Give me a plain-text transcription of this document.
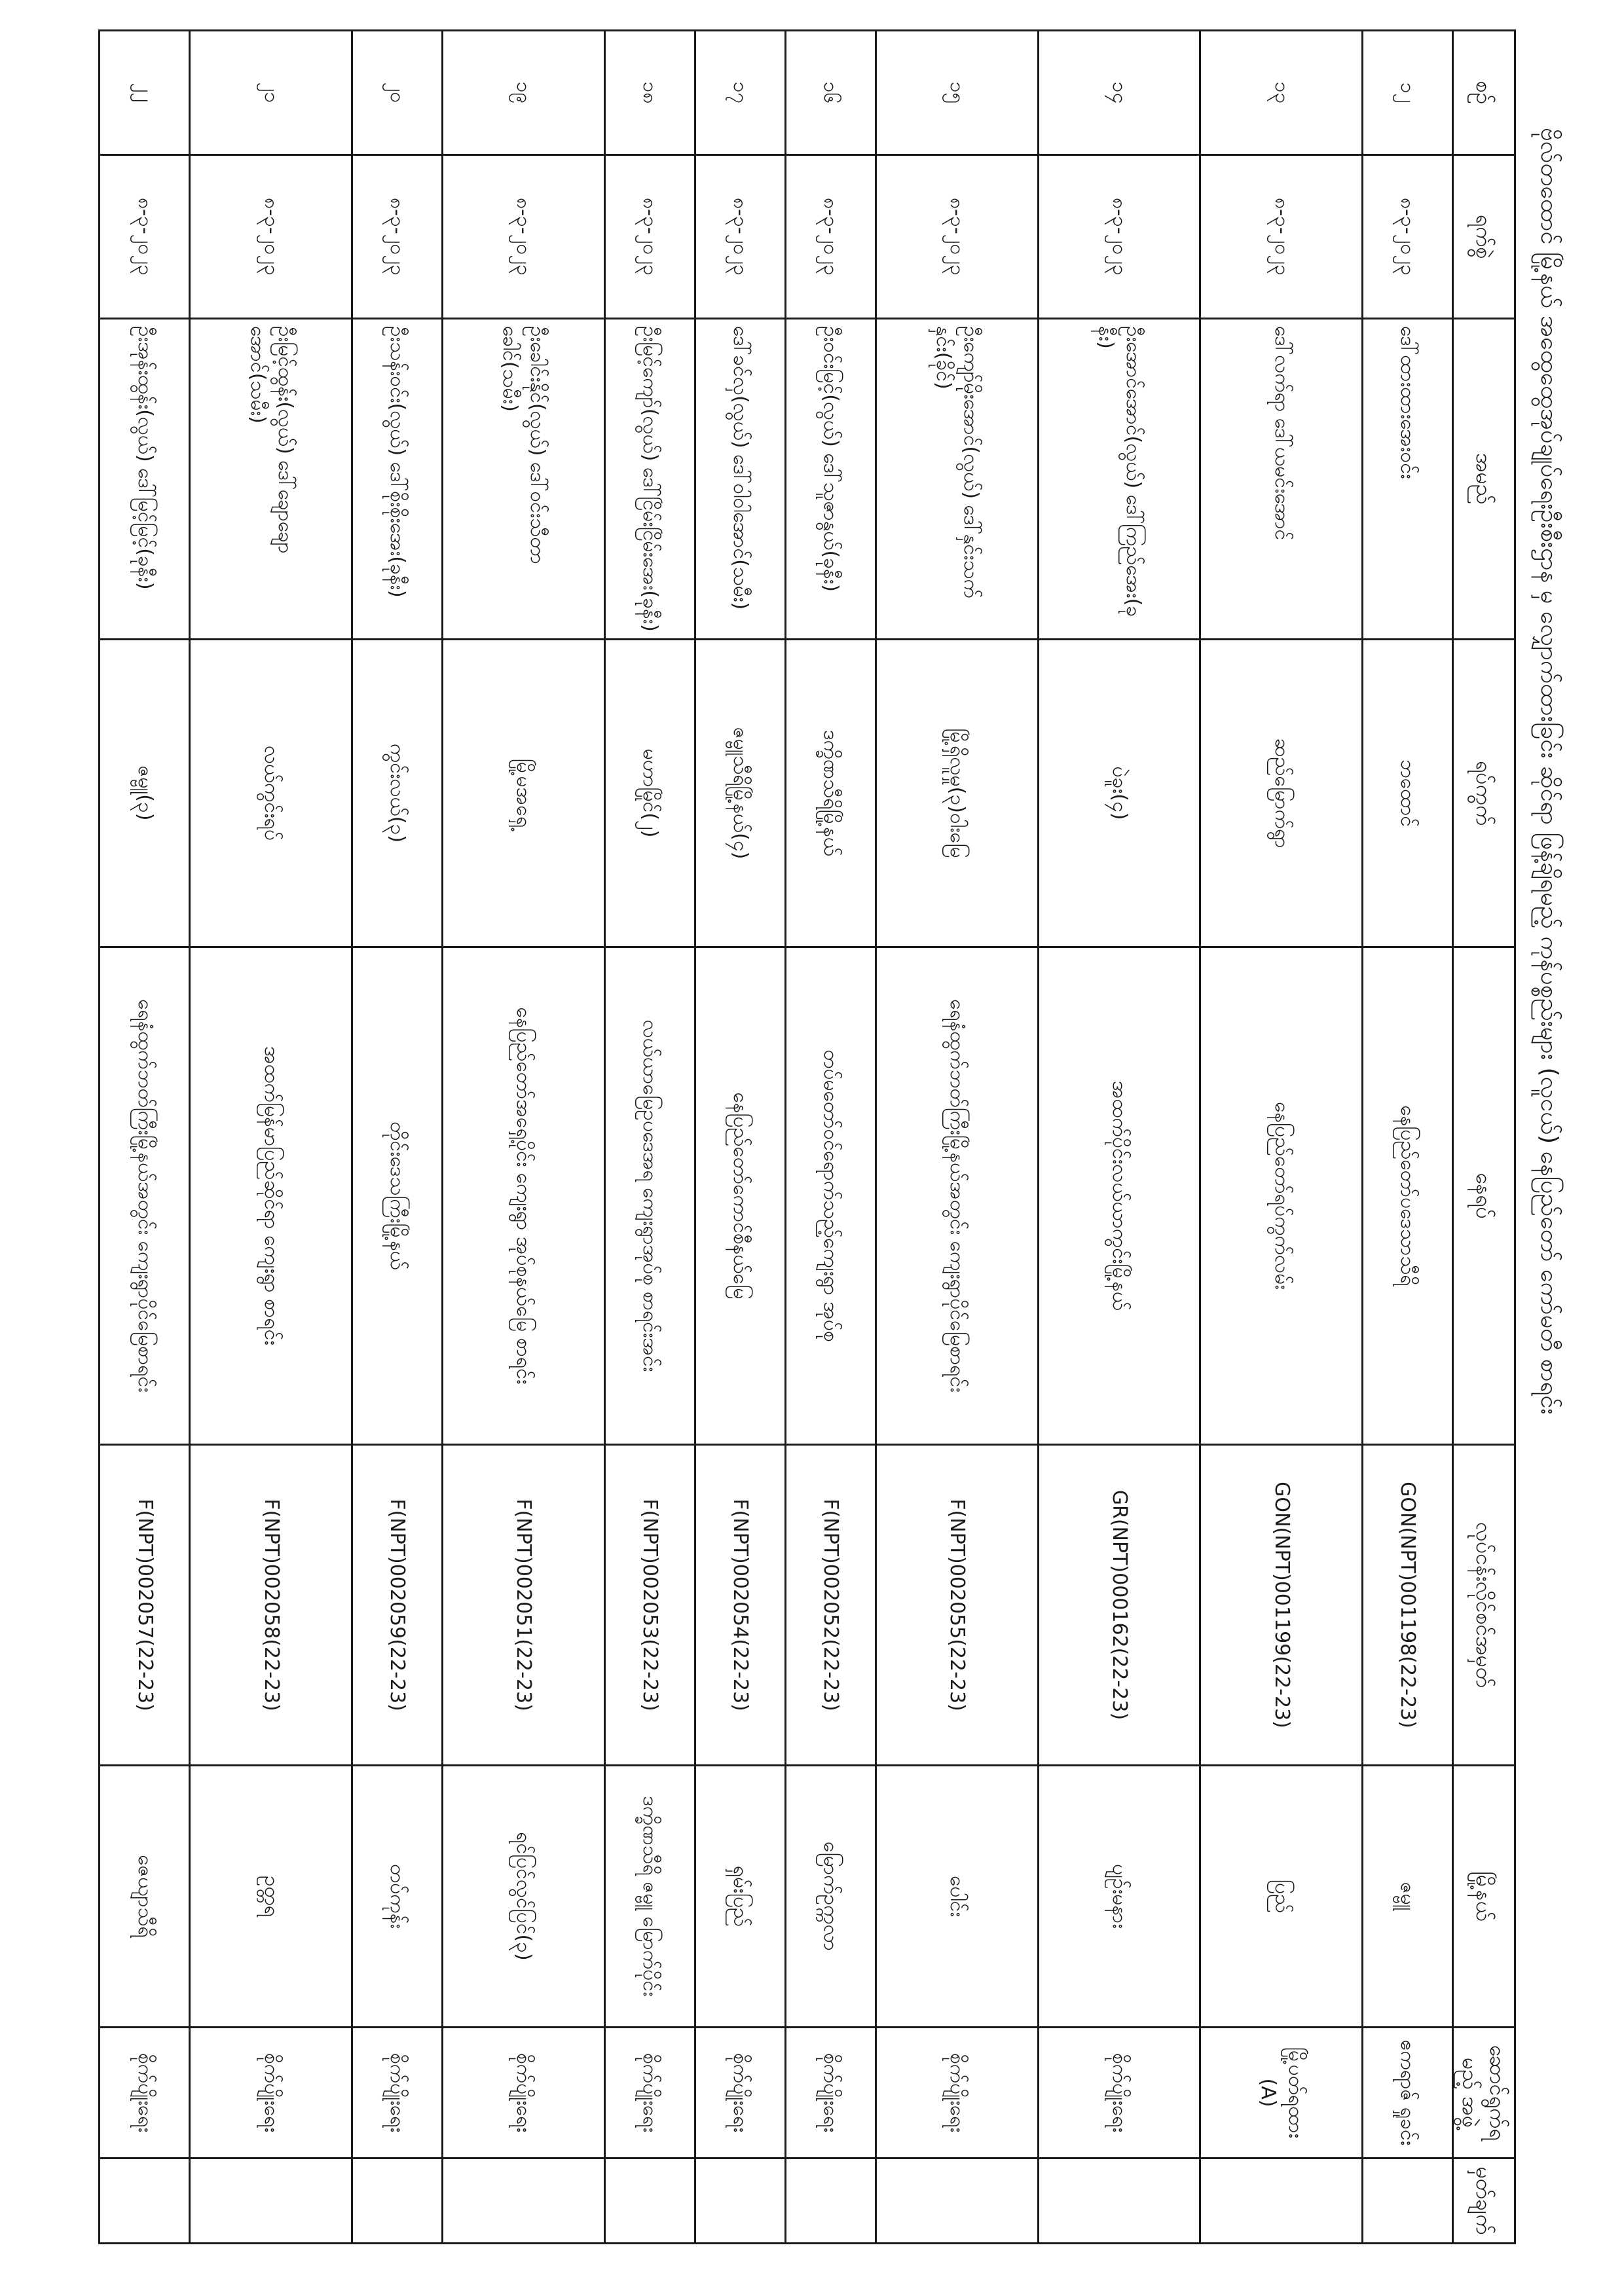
ဗိုလ်တထောင် မြို့နယ် အထွေထွေအုပ်ချုပ်ရေးဦးစီးဌာန မှ လျှောက်ထားခြင်း ဆိုင်ရာ ဖြန့်ချိရမည့် ကုန်ပစ္စည်းများ (လူငယ်) နေပြည်တော် ကော်မတီ စာရင်း
စဉ်	ရက်စွဲ	အမည်	ရပ်ကွက်	နေရပ်	လုပ်ငန်းလိုင်စင်အမှတ်	မြို့နယ်	ဆောင်ရွက်ရမည့် အဖွဲ့	မှတ်ချက်
၁၂	၈-၃-၂၀၂၃	ဒေါ်ထားထားအေးဝင်း	ဘထောင်	နေပြည်တော်ပဒေသာသီရိ	GON(NPT)001198(22-23)	ဇမ္ဗူ	ဧကရာဇ် ရှုခင်း	
၁၃	၈-၃-၂၀၂၃	ဒေါ်လက်ရာ ဒေါ်ယမင်းအောင်	ဆည်မြောက်ရွာ	နေပြည်တော်ရပ်ကွက်လမ်း	GON(NPT)001199(22-23)	ပြည်	မြို့ပတ်ရထား (A)	
၁၄	၈-၃-၂၀၂၃	ဦးအောင်အောင်(လွယ်) ဒေါ်ကြည်အေး(ခုနီး)	ပဲခူး(၄)	အထက်ပိုင်းလယ်ယာကွင်းမြို့နယ်	GR(NPT)000162(22-23)	ပျဉ်းမနား	စိုက်ပျိုးရေး	
၁၅	၈-၃-၂၀၂၃	ဦးကျော်မိုးအောင်(လွယ်) ဒေါ်နှင်းသက်နှင်း(ခိုင်)	မြို့ရှိလူမှု(၃)ဝါးမြေ	ရေနံထွက်ဘတ်ကြီးမြို့နယ်အတွင်း ကျေးရွာပိုင်မြေစာရင်း	F(NPT)002055(22-23)	ပေါင်း	စိုက်ပျိုးရေး	
၁၆	၈-၃-၂၀၂၃	ဦးဝင်းမြင့်(လွယ်) ဒေါ်သူဇာနွယ်(ခုနီး)	ဒက္ခိဏသီရိမြို့နယ်	တပ်မတော်ဝင်ရောက်သည့်ကျေးရွာ အုပ်စု	F(NPT)002052(22-23)	မြောက်ဥက္ကလာ	စိုက်ပျိုးရေး	
၁၇	၈-၃-၂၀၂၃	ဒေါ်ခင်လှ(လွယ်) ဒေါ်ဝါဝါအောင်(သမီး)	ဇမ္ဗူသီရိမြို့နယ်(၄)	နေပြည်တော်ကောင်စီနယ်မြေ	F(NPT)002054(22-23)	ရှမ်းပြည်	စိုက်ပျိုးရေး	
၁၈	၈-၃-၂၀၂၃	ဦးမြင့်ကျော်(လွယ်) ဒေါ်ငြိမ်းငြိမ်းအေး(ခုနီး)	မဟာမြိုင်(၂)	လယ်ယာမြေဥပဒေအရ ကျေးရွာအုပ်စု စာရင်းအင်း	F(NPT)002053(22-23)	ဒက္ခိဏသီရိ ဇမ္ဗူ မြောက်ပိုင်း	စိုက်ပျိုးရေး	
၁၉	၈-၃-၂၀၂၃	ဦးခေါင်းနိုင်(လွယ်) ဒေါ်ဝင်းသီတာခေါင်(သမီး)	မြို့မအရှေ့	နေပြည်တော်အရှေ့ပိုင်း ကျေးရွာ အုပ်စုနယ်မြေ စာရင်း	F(NPT)002051(22-23)	ရင်ပြင်လွင်ပြင်(၃)	စိုက်ပျိုးရေး	
၂၀	၈-၃-၂၀၂၃	ဦးသန်းဝင်း(လွယ်) ဒေါ်စိုးစိုးအေး(ခုနီး)	ကွင်းလယ်(၃)	တိုင်းဒေသကြီးမြို့နယ်	F(NPT)002059(22-23)	တပ်ကုန်း	စိုက်ပျိုးရေး	
၂၁	၈-၃-၂၀၂၃	ဦးမြင့်ထွန်း(လွယ်) ဒေါ်ချောချောအောင်(သမီး)	လယ်ကွင်းရပ်	အထက်မြန်မာပြည်ဆိုင်ရာ ကျေးရွာ စာရင်း	F(NPT)002058(22-23)	ဥတ္တရ	စိုက်ပျိုးရေး	
၂၂	၈-၃-၂၀၂၃	ဦးအုန်းထွန်း(လွယ်) ဒေါ်မြင့်မြင့်(ခုနီး)	ဇမ္ဗူ(၃)	ရေနံထွက်ဘတ်ကြီးမြို့နယ်အတွင်း ကျေးရွာပိုင်မြေစာရင်း	F(NPT)002057(22-23)	ဇေယျာသီရိ	စိုက်ပျိုးရေး	
